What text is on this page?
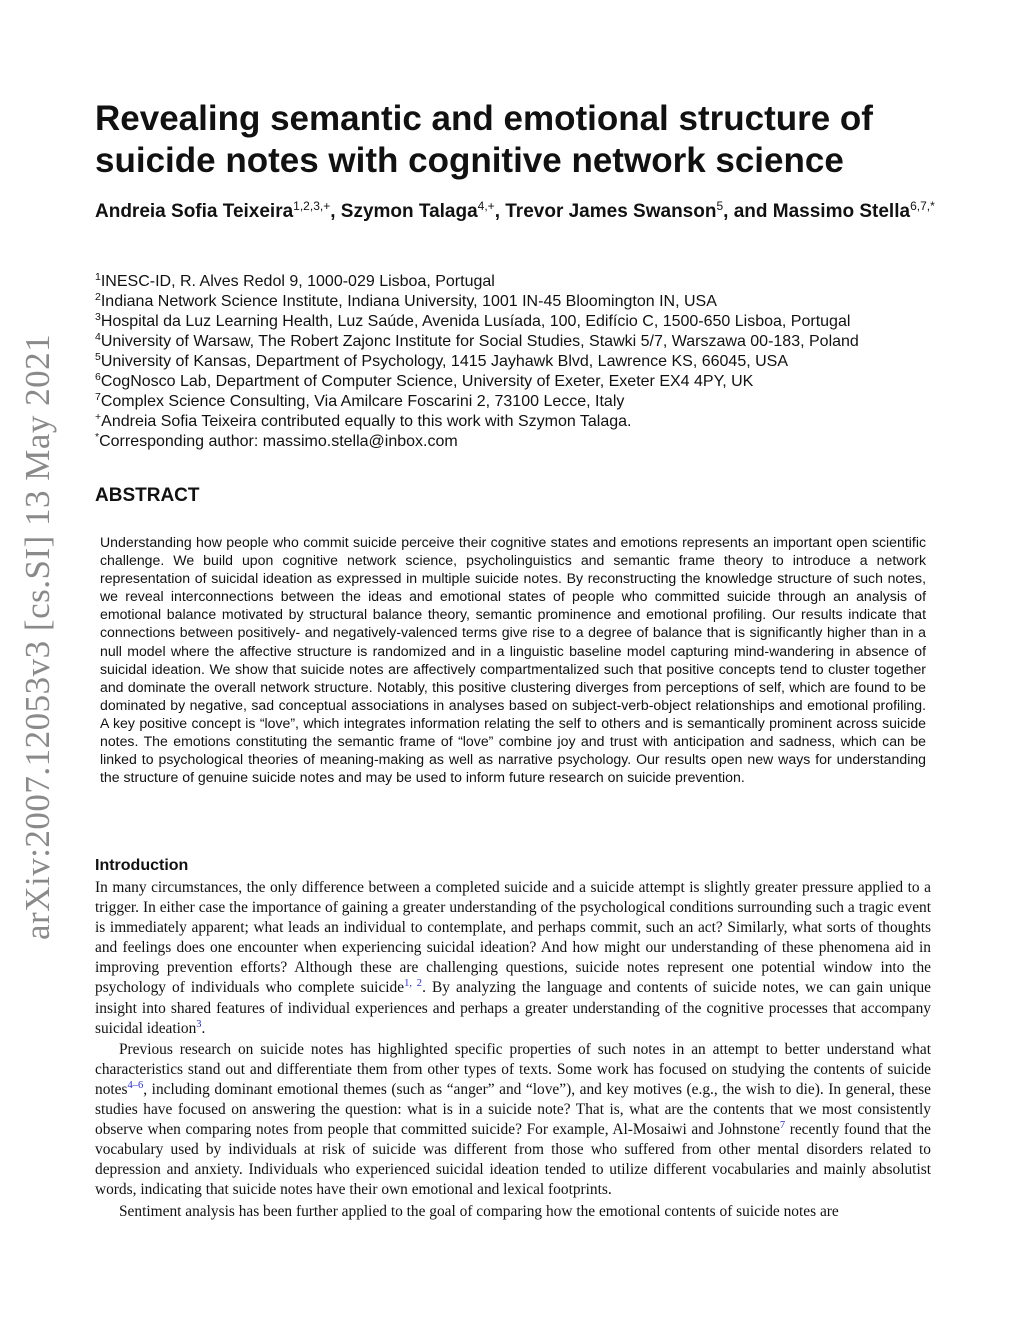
arXiv:2007.12053v3 [cs.SI] 13 May 2021
Revealing semantic and emotional structure of suicide notes with cognitive network science
Andreia Sofia Teixeira$^{1,2,3,+}$, Szymon Talaga$^{4,+}$, Trevor James Swanson$^5$, and Massimo Stella$^{6,7,*}$
$^1$INESC-ID, R. Alves Redol 9, 1000-029 Lisboa, Portugal
$^2$Indiana Network Science Institute, Indiana University, 1001 IN-45 Bloomington IN, USA
$^3$Hospital da Luz Learning Health, Luz Saúde, Avenida Lusíada, 100, Edifício C, 1500-650 Lisboa, Portugal
$^4$University of Warsaw, The Robert Zajonc Institute for Social Studies, Stawki 5/7, Warszawa 00-183, Poland
$^5$University of Kansas, Department of Psychology, 1415 Jayhawk Blvd, Lawrence KS, 66045, USA
$^6$CogNosco Lab, Department of Computer Science, University of Exeter, Exeter EX4 4PY, UK
$^7$Complex Science Consulting, Via Amilcare Foscarini 2, 73100 Lecce, Italy
+Andreia Sofia Teixeira contributed equally to this work with Szymon Talaga.
*Corresponding author: massimo.stella@inbox.com
ABSTRACT

Understanding how people who commit suicide perceive their cognitive states and emotions represents an important open scientific challenge. We build upon cognitive network science, psycholinguistics and semantic frame theory to introduce a network representation of suicidal ideation as expressed in multiple suicide notes. By reconstructing the knowledge structure of such notes, we reveal interconnections between the ideas and emotional states of people who committed suicide through an analysis of emotional balance motivated by structural balance theory, semantic prominence and emotional profiling. Our results indicate that connections between positively- and negatively-valenced terms give rise to a degree of balance that is significantly higher than in a null model where the affective structure is randomized and in a linguistic baseline model capturing mind-wandering in absence of suicidal ideation. We show that suicide notes are affectively compartmentalized such that positive concepts tend to cluster together and dominate the overall network structure. Notably, this positive clustering diverges from perceptions of self, which are found to be dominated by negative, sad conceptual associations in analyses based on subject-verb-object relationships and emotional profiling. A key positive concept is “love”, which integrates information relating the self to others and is semantically prominent across suicide notes. The emotions constituting the semantic frame of “love” combine joy and trust with anticipation and sadness, which can be linked to psychological theories of meaning-making as well as narrative psychology. Our results open new ways for understanding the structure of genuine suicide notes and may be used to inform future research on suicide prevention.

Introduction

In many circumstances, the only difference between a completed suicide and a suicide attempt is slightly greater pressure applied to a trigger. In either case the importance of gaining a greater understanding of the psychological conditions surrounding such a tragic event is immediately apparent; what leads an individual to contemplate, and perhaps commit, such an act? Similarly, what sorts of thoughts and feelings does one encounter when experiencing suicidal ideation? And how might our understanding of these phenomena aid in improving prevention efforts? Although these are challenging questions, suicide notes represent one potential window into the psychology of individuals who complete suicide$^{1, 2}$. By analyzing the language and contents of suicide notes, we can gain unique insight into shared features of individual experiences and perhaps a greater understanding of the cognitive processes that accompany suicidal ideation$^3$.

Previous research on suicide notes has highlighted specific properties of such notes in an attempt to better understand what characteristics stand out and differentiate them from other types of texts. Some work has focused on studying the contents of suicide notes$^{4-6}$, including dominant emotional themes (such as “anger” and “love”), and key motives (e.g., the wish to die). In general, these studies have focused on answering the question: what is in a suicide note? That is, what are the contents that we most consistently observe when comparing notes from people that committed suicide? For example, Al-Mosaiwi and Johnstone$^7$ recently found that the vocabulary used by individuals at risk of suicide was different from those who suffered from other mental disorders related to depression and anxiety. Individuals who experienced suicidal ideation tended to utilize different vocabularies and mainly absolutist words, indicating that suicide notes have their own emotional and lexical footprints.

Sentiment analysis has been further applied to the goal of comparing how the emotional contents of suicide notes are
